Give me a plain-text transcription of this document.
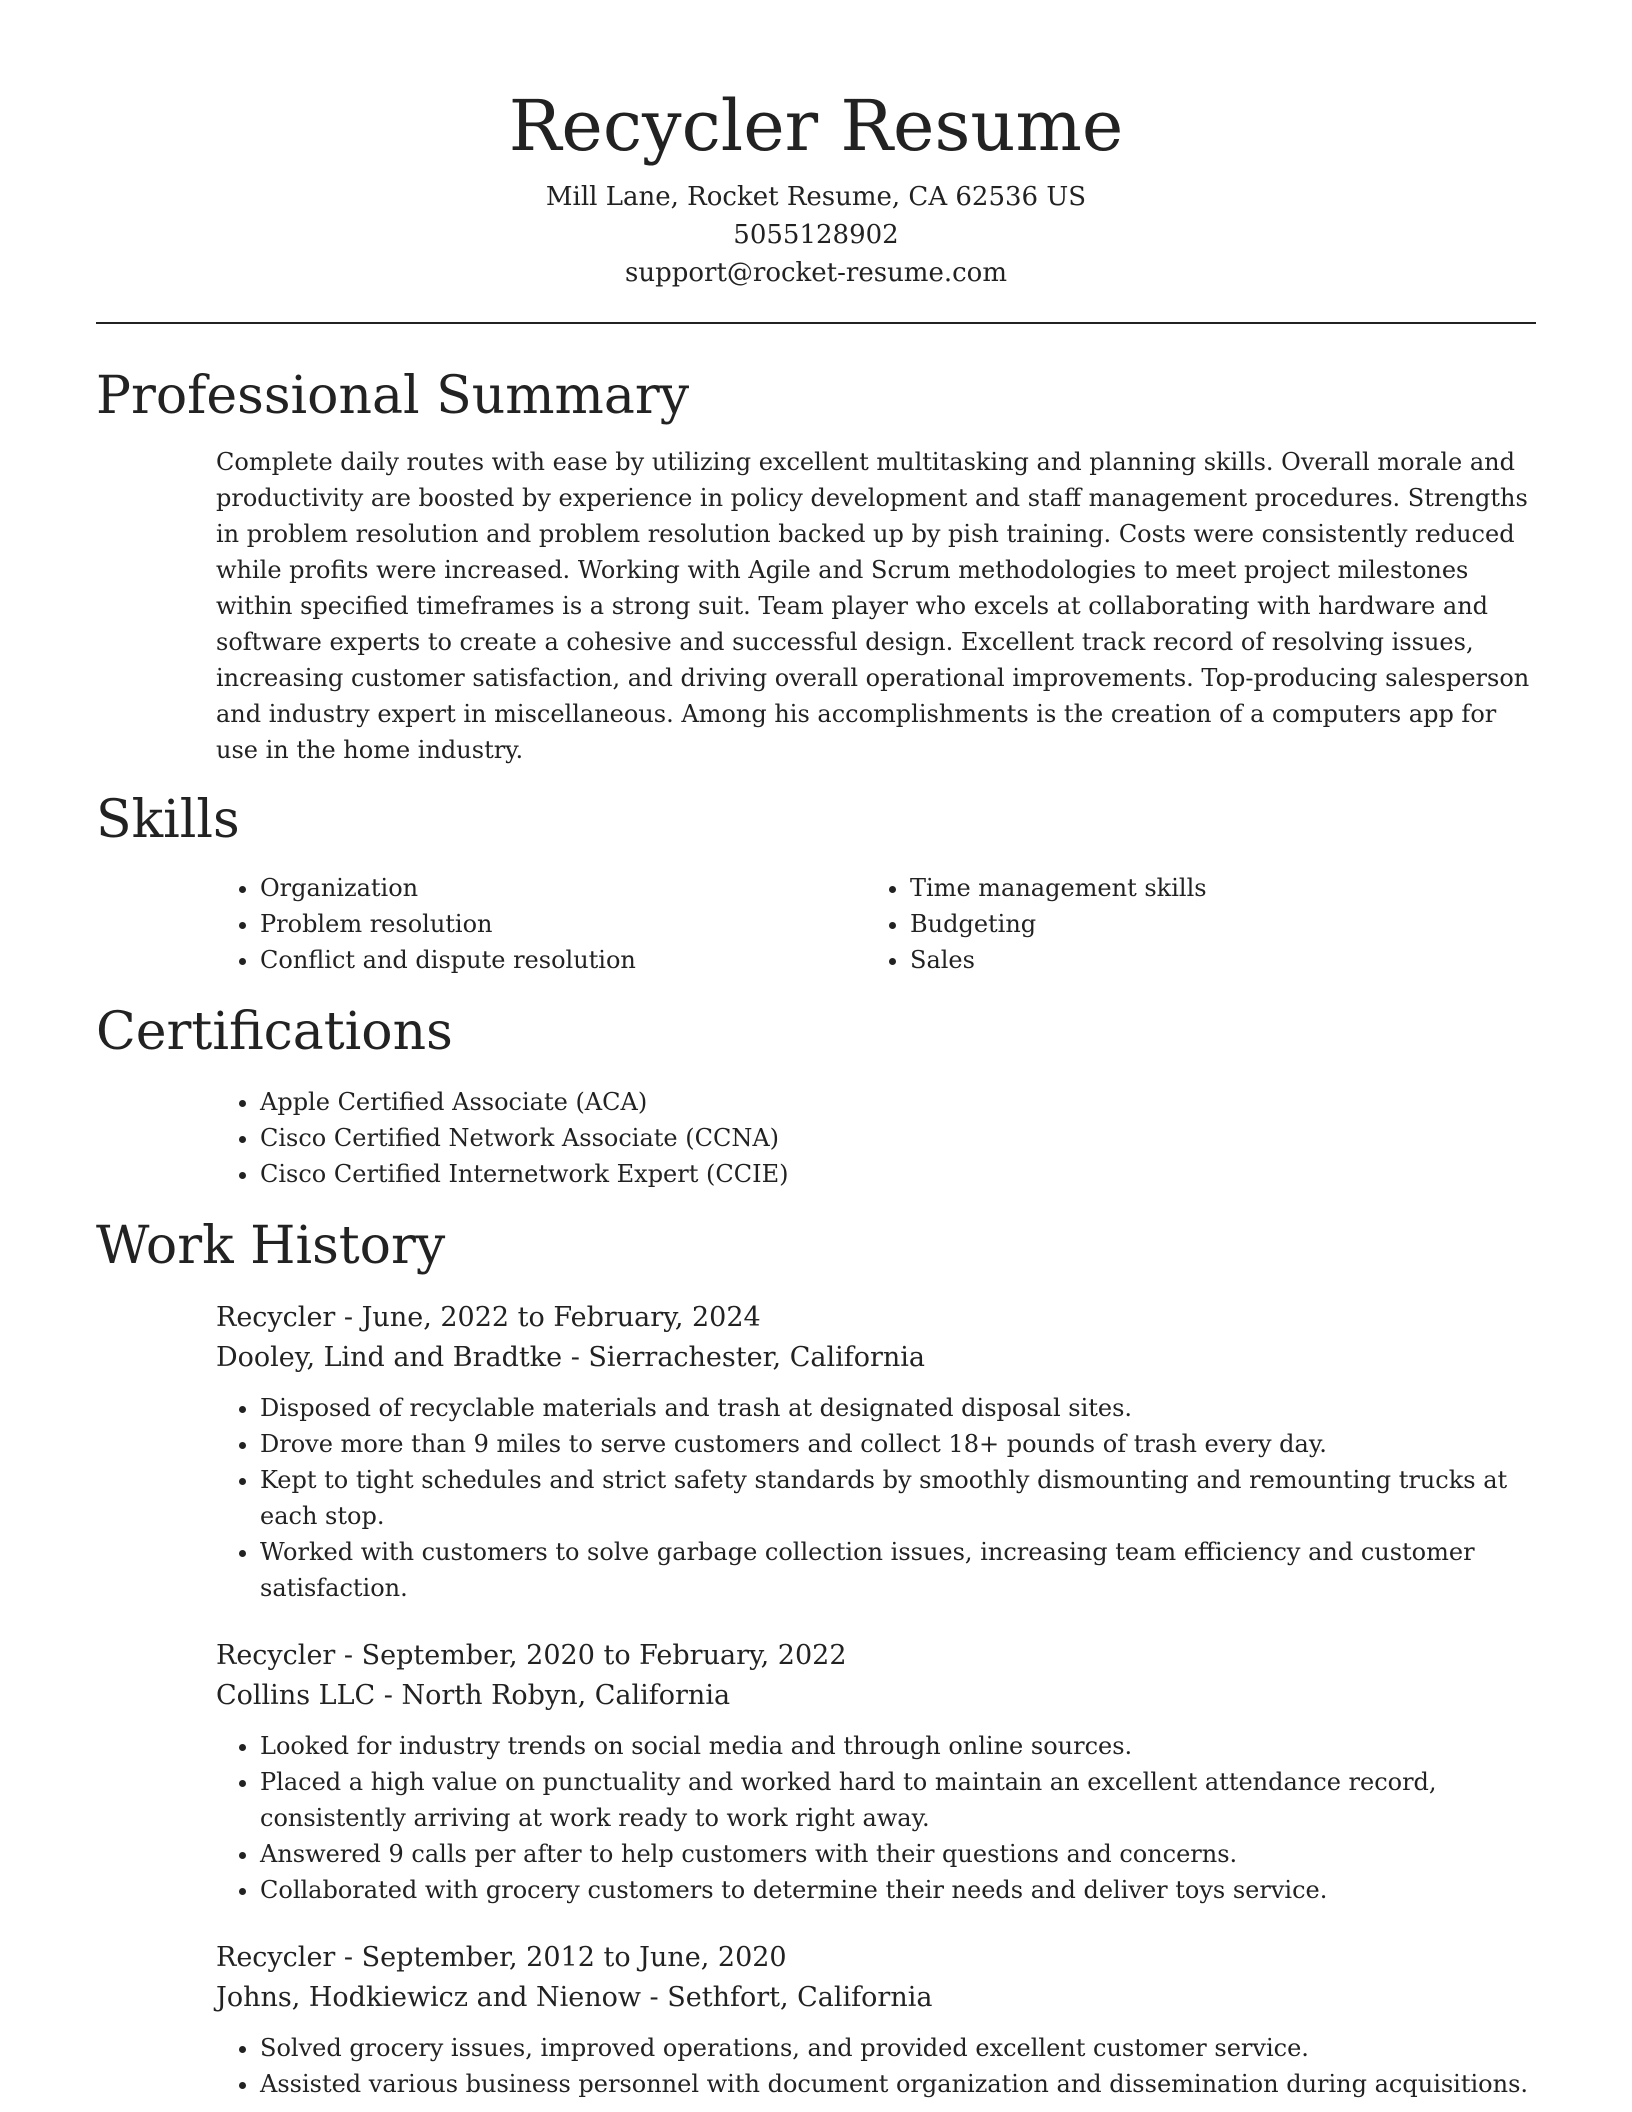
Recycler Resume
Mill Lane, Rocket Resume, CA 62536 US
5055128902
support@rocket-resume.com
Professional Summary

Complete daily routes with ease by utilizing excellent multitasking and planning skills. Overall morale and productivity are boosted by experience in policy development and staff management procedures. Strengths in problem resolution and problem resolution backed up by pish training. Costs were consistently reduced while profits were increased. Working with Agile and Scrum methodologies to meet project milestones within specified timeframes is a strong suit. Team player who excels at collaborating with hardware and software experts to create a cohesive and successful design. Excellent track record of resolving issues, increasing customer satisfaction, and driving overall operational improvements. Top-producing salesperson and industry expert in miscellaneous. Among his accomplishments is the creation of a computers app for use in the home industry.

Skills
• Organization
• Problem resolution
• Conflict and dispute resolution
• Time management skills
• Budgeting
• Sales
Certifications
• Apple Certified Associate (ACA)
• Cisco Certified Network Associate (CCNA)
• Cisco Certified Internetwork Expert (CCIE)
Work History
Recycler - June, 2022 to February, 2024
Dooley, Lind and Bradtke - Sierrachester, California
• Disposed of recyclable materials and trash at designated disposal sites.
• Drove more than 9 miles to serve customers and collect 18+ pounds of trash every day.
• Kept to tight schedules and strict safety standards by smoothly dismounting and remounting trucks at each stop.
• Worked with customers to solve garbage collection issues, increasing team efficiency and customer satisfaction.
Recycler - September, 2020 to February, 2022
Collins LLC - North Robyn, California
• Looked for industry trends on social media and through online sources.
• Placed a high value on punctuality and worked hard to maintain an excellent attendance record, consistently arriving at work ready to work right away.
• Answered 9 calls per after to help customers with their questions and concerns.
• Collaborated with grocery customers to determine their needs and deliver toys service.
Recycler - September, 2012 to June, 2020
Johns, Hodkiewicz and Nienow - Sethfort, California
• Solved grocery issues, improved operations, and provided excellent customer service.
• Assisted various business personnel with document organization and dissemination during acquisitions.
